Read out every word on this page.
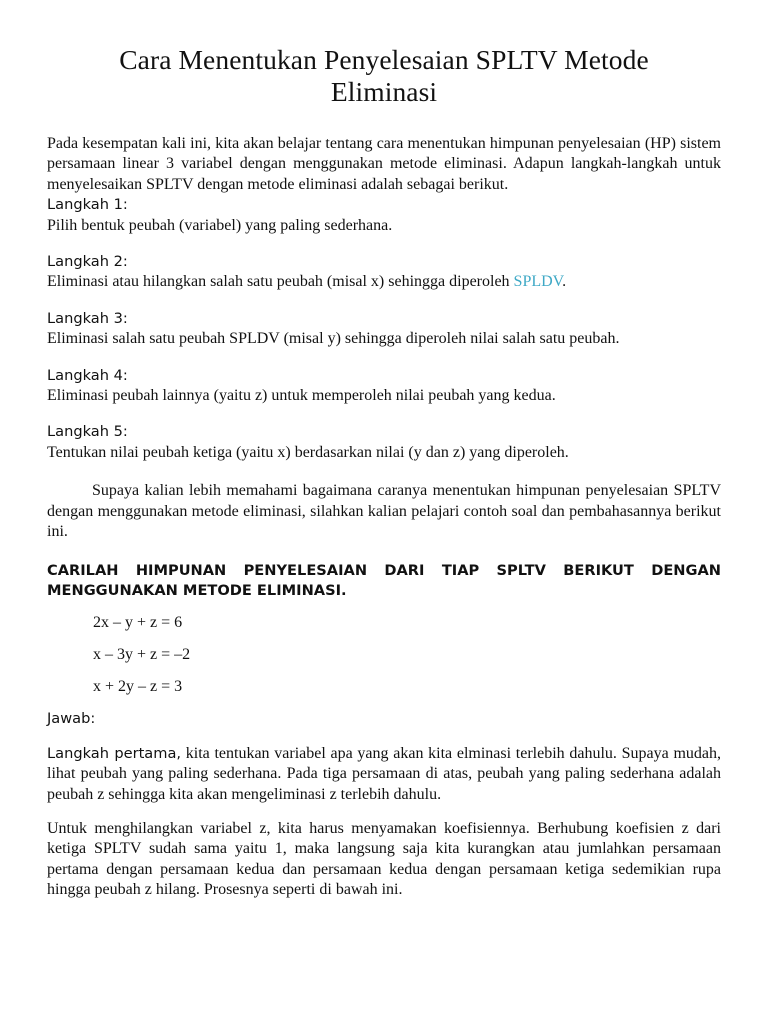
Cara Menentukan Penyelesaian SPLTV Metode
Eliminasi

Pada kesempatan kali ini, kita akan belajar tentang cara menentukan himpunan penyelesaian (HP) sistem persamaan linear 3 variabel dengan menggunakan metode eliminasi. Adapun langkah-langkah untuk menyelesaikan SPLTV dengan metode eliminasi adalah sebagai berikut.

Langkah 1:

Pilih bentuk peubah (variabel) yang paling sederhana.

Langkah 2:

Eliminasi atau hilangkan salah satu peubah (misal x) sehingga diperoleh SPLDV.

Langkah 3:

Eliminasi salah satu peubah SPLDV (misal y) sehingga diperoleh nilai salah satu peubah.

Langkah 4:

Eliminasi peubah lainnya (yaitu z) untuk memperoleh nilai peubah yang kedua.

Langkah 5:

Tentukan nilai peubah ketiga (yaitu x) berdasarkan nilai (y dan z) yang diperoleh.

Supaya kalian lebih memahami bagaimana caranya menentukan himpunan penyelesaian SPLTV dengan menggunakan metode eliminasi, silahkan kalian pelajari contoh soal dan pembahasannya berikut ini.

CARILAH HIMPUNAN PENYELESAIAN DARI TIAP SPLTV BERIKUT DENGAN MENGGUNAKAN METODE ELIMINASI.

2x – y + z = 6

x – 3y + z = –2

x + 2y – z = 3

Jawab:

Langkah pertama, kita tentukan variabel apa yang akan kita elminasi terlebih dahulu. Supaya mudah, lihat peubah yang paling sederhana. Pada tiga persamaan di atas, peubah yang paling sederhana adalah peubah z sehingga kita akan mengeliminasi z terlebih dahulu.

Untuk menghilangkan variabel z, kita harus menyamakan koefisiennya. Berhubung koefisien z dari ketiga SPLTV sudah sama yaitu 1, maka langsung saja kita kurangkan atau jumlahkan persamaan pertama dengan persamaan kedua dan persamaan kedua dengan persamaan ketiga sedemikian rupa hingga peubah z hilang. Prosesnya seperti di bawah ini.
